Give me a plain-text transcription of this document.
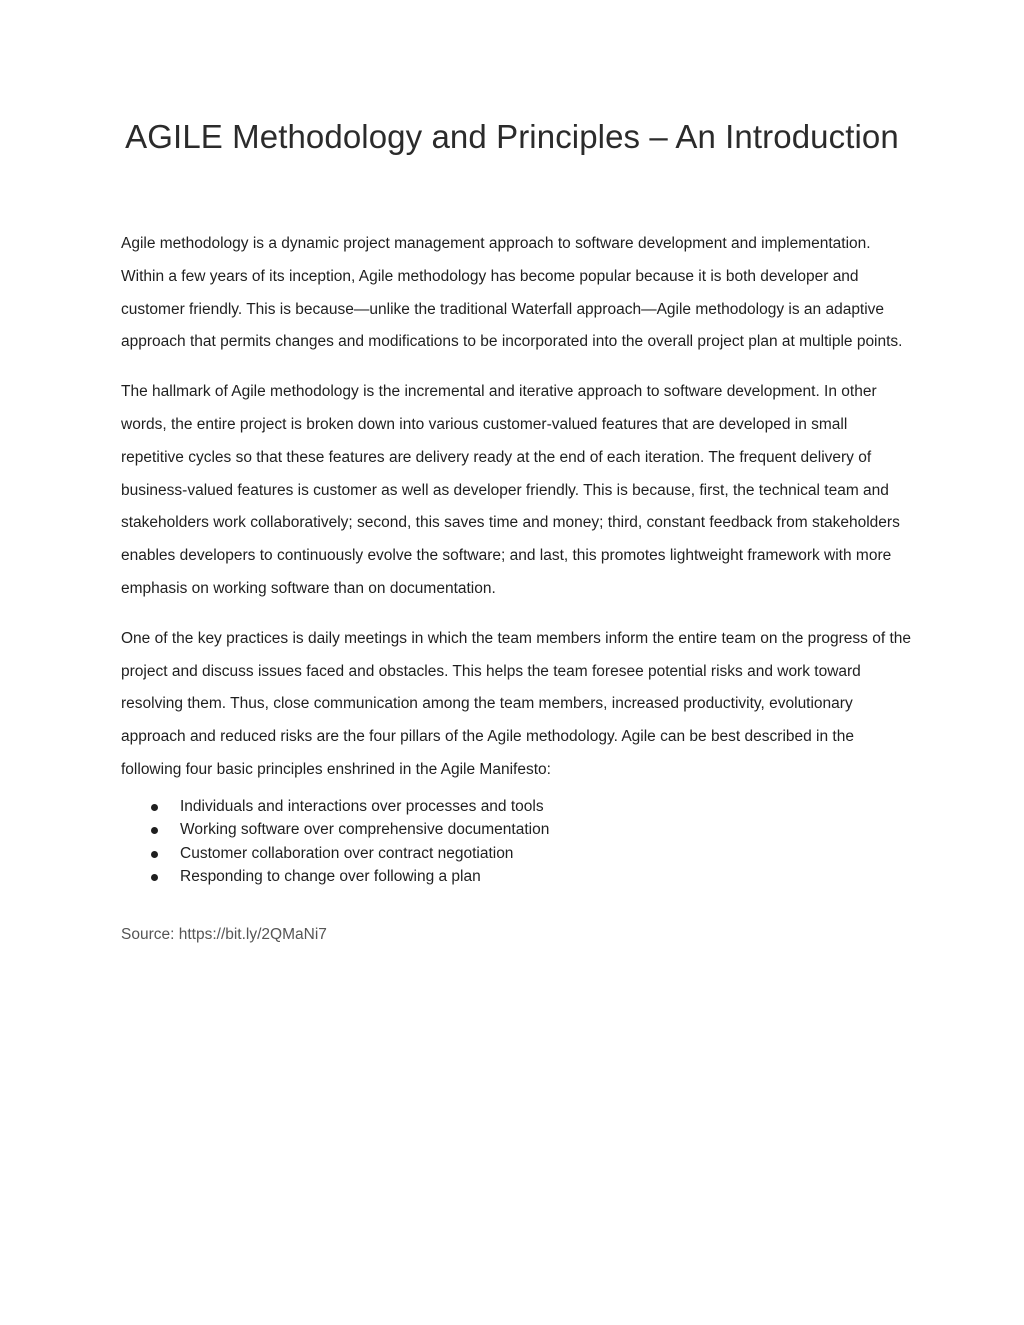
AGILE Methodology and Principles – An Introduction

Agile methodology is a dynamic project management approach to software development and implementation. Within a few years of its inception, Agile methodology has become popular because it is both developer and customer friendly. This is because—unlike the traditional Waterfall approach—Agile methodology is an adaptive approach that permits changes and modifications to be incorporated into the overall project plan at multiple points.

The hallmark of Agile methodology is the incremental and iterative approach to software development. In other words, the entire project is broken down into various customer-valued features that are developed in small repetitive cycles so that these features are delivery ready at the end of each iteration. The frequent delivery of business-valued features is customer as well as developer friendly. This is because, first, the technical team and stakeholders work collaboratively; second, this saves time and money; third, constant feedback from stakeholders enables developers to continuously evolve the software; and last, this promotes lightweight framework with more emphasis on working software than on documentation.

One of the key practices is daily meetings in which the team members inform the entire team on the progress of the project and discuss issues faced and obstacles. This helps the team foresee potential risks and work toward resolving them. Thus, close communication among the team members, increased productivity, evolutionary approach and reduced risks are the four pillars of the Agile methodology. Agile can be best described in the following four basic principles enshrined in the Agile Manifesto:

Individuals and interactions over processes and tools
Working software over comprehensive documentation
Customer collaboration over contract negotiation
Responding to change over following a plan
Source: https://bit.ly/2QMaNi7
